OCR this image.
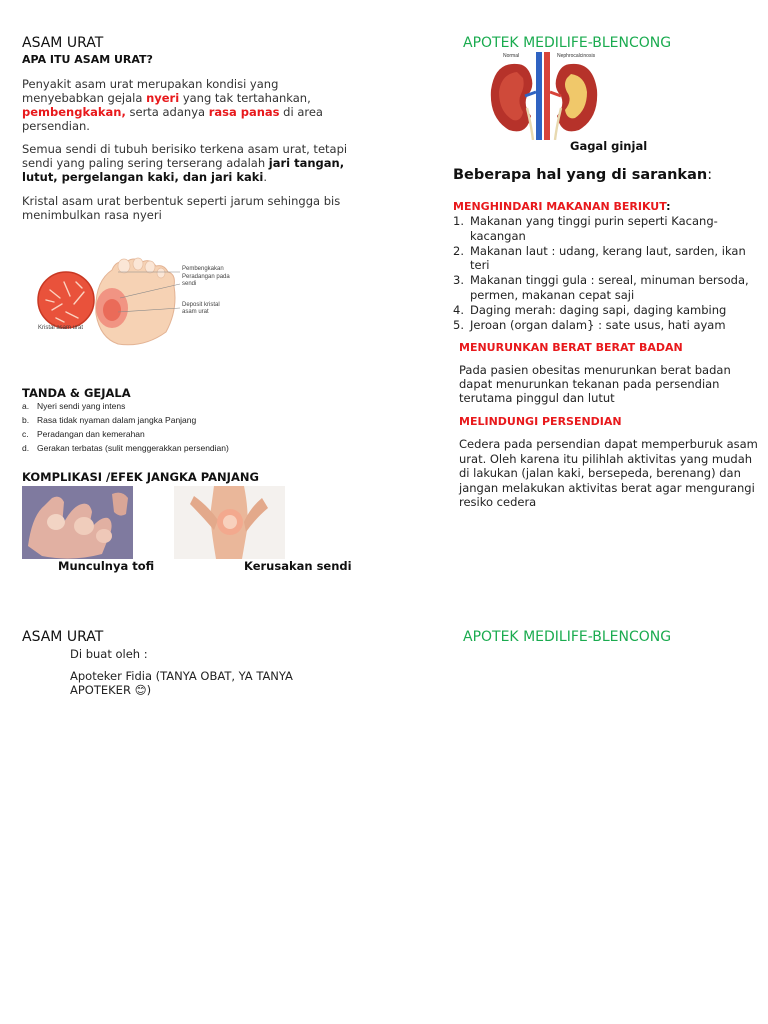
ASAM URAT
APA ITU ASAM URAT?
Penyakit asam urat merupakan kondisi yang menyebabkan gejala nyeri yang tak tertahankan, pembengkakan, serta adanya rasa panas di area persendian.
Semua sendi di tubuh berisiko terkena asam urat, tetapi sendi yang paling sering terserang adalah jari tangan, lutut, pergelangan kaki, dan jari kaki.
Kristal asam urat berbentuk seperti jarum sehingga bis menimbulkan rasa nyeri
Pembengkakan
Peradangan pada sendi
Deposit kristal asam urat
Kristal asam urat
TANDA & GEJALA
a. Nyeri sendi yang intens
b. Rasa tidak nyaman dalam jangka Panjang
c. Peradangan dan kemerahan
d. Gerakan terbatas (sulit menggerakkan persendian)
KOMPLIKASI /EFEK JANGKA PANJANG
Munculnya tofi	Kerusakan sendi
APOTEK MEDILIFE-BLENCONG
Normal	Nephrocalcinosis
Gagal ginjal
Beberapa hal yang di sarankan:
MENGHINDARI MAKANAN BERIKUT:
1. Makanan yang tinggi purin seperti Kacang-kacangan
2. Makanan laut : udang, kerang laut, sarden, ikan teri
3. Makanan tinggi gula : sereal, minuman bersoda, permen, makanan cepat saji
4. Daging merah: daging sapi, daging kambing
5. Jeroan (organ dalam} : sate usus, hati ayam
MENURUNKAN BERAT BERAT BADAN
Pada pasien obesitas menurunkan berat badan dapat menurunkan tekanan pada persendian terutama pinggul dan lutut
MELINDUNGI PERSENDIAN
Cedera pada persendian dapat memperburuk asam urat. Oleh karena itu pilihlah aktivitas yang mudah di lakukan (jalan kaki, bersepeda, berenang) dan jangan melakukan aktivitas berat agar mengurangi resiko cedera
ASAM URAT	APOTEK MEDILIFE-BLENCONG
Di buat oleh :
Apoteker Fidia (TANYA OBAT, YA TANYA APOTEKER 😊)
